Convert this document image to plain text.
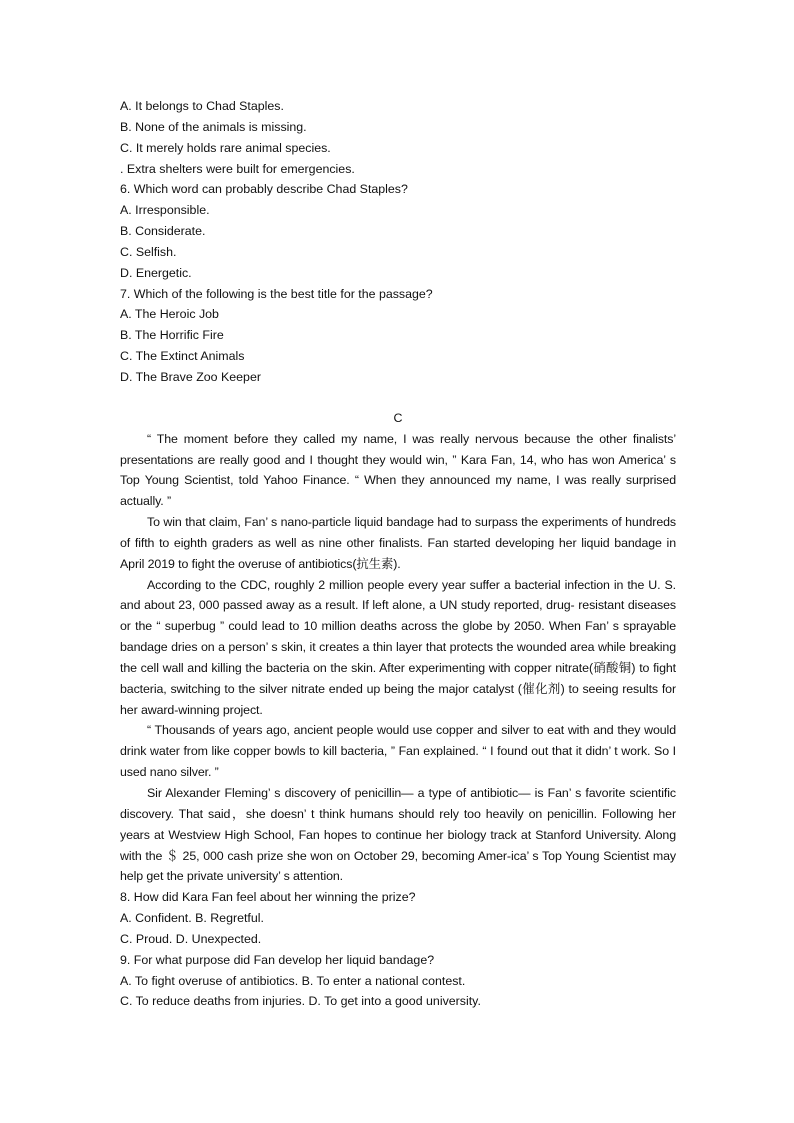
A. It belongs to Chad Staples.

B. None of the animals is missing.

C. It merely holds rare animal species.

. Extra shelters were built for emergencies.

6. Which word can probably describe Chad Staples?

A. Irresponsible.

B. Considerate.

C. Selfish.

D. Energetic.

7. Which of the following is the best title for the passage?

A. The Heroic Job

B. The Horrific Fire

C. The Extinct Animals

D. The Brave Zoo Keeper

C

“ The moment before they called my name, I was really nervous because the other finalists’ presentations are really good and I thought they would win, ” Kara Fan, 14, who has won America’ s Top Young Scientist, told Yahoo Finance. “ When they announced my name, I was really surprised actually. ”

To win that claim, Fan’ s nano-particle liquid bandage had to surpass the experiments of hundreds of fifth to eighth graders as well as nine other finalists. Fan started developing her liquid bandage in April 2019 to fight the overuse of antibiotics(抗生素).

According to the CDC, roughly 2 million people every year suffer a bacterial infection in the U. S. and about 23, 000 passed away as a result. If left alone, a UN study reported, drug- resistant diseases or the “ superbug ” could lead to 10 million deaths across the globe by 2050. When Fan’ s sprayable bandage dries on a person’ s skin, it creates a thin layer that protects the wounded area while breaking the cell wall and killing the bacteria on the skin. After experimenting with copper nitrate(硝酸铜) to fight bacteria, switching to the silver nitrate ended up being the major catalyst (催化剂) to seeing results for her award-winning project.

“ Thousands of years ago, ancient people would use copper and silver to eat with and they would drink water from like copper bowls to kill bacteria, ” Fan explained. “ I found out that it didn’ t work. So I used nano silver. ”

Sir Alexander Fleming’ s discovery of penicillin— a type of antibiotic— is Fan’ s favorite scientific discovery. That said，she doesn’ t think humans should rely too heavily on penicillin. Following her years at Westview High School, Fan hopes to continue her biology track at Stanford University. Along with the ＄ 25, 000 cash prize she won on October 29, becoming Amer-ica’ s Top Young Scientist may help get the private university’ s attention.

8. How did Kara Fan feel about her winning the prize?

A. Confident. B. Regretful.

C. Proud. D. Unexpected.

9. For what purpose did Fan develop her liquid bandage?

A. To fight overuse of antibiotics. B. To enter a national contest.

C. To reduce deaths from injuries. D. To get into a good university.
